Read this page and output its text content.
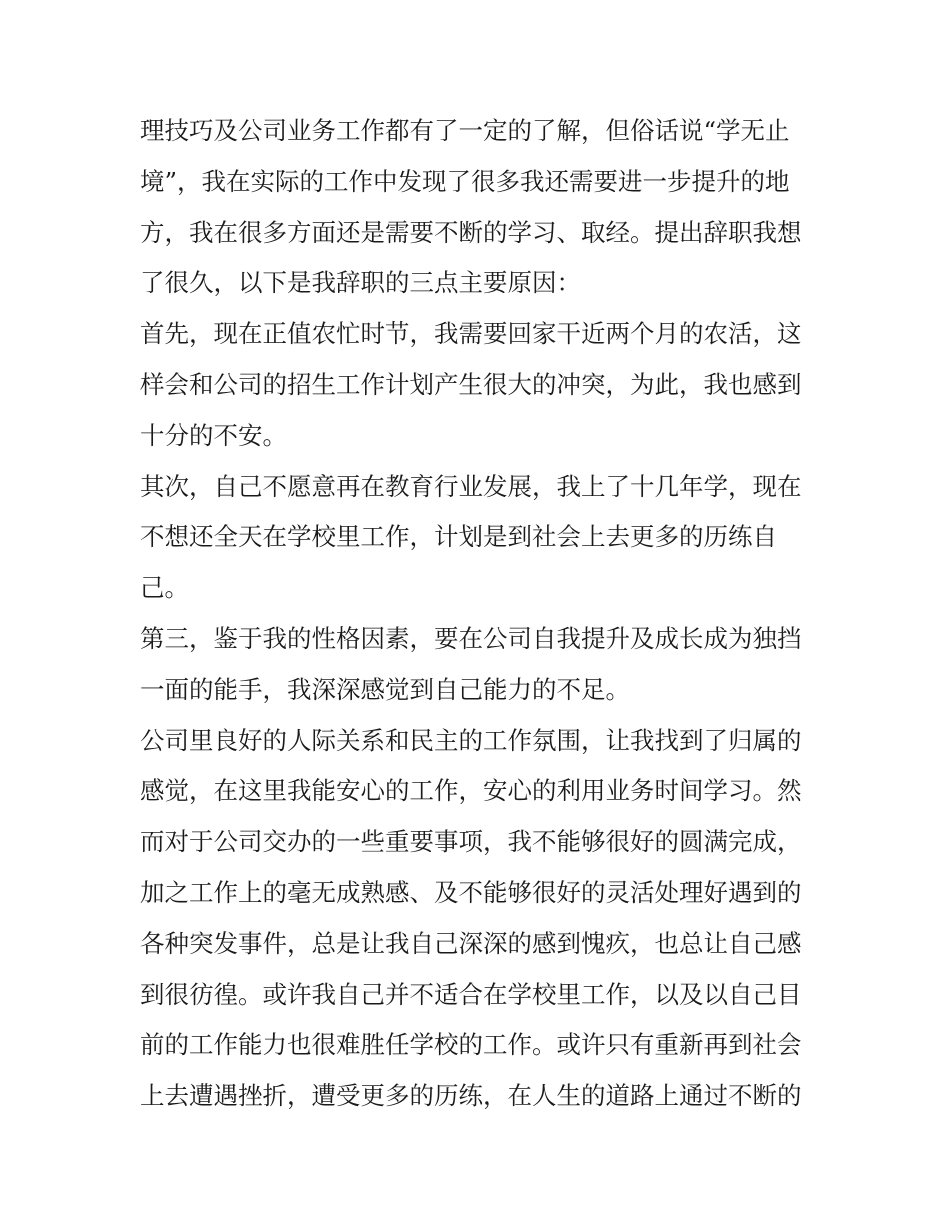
理技巧及公司业务工作都有了一定的了解，但俗话说“学无止
境”，我在实际的工作中发现了很多我还需要进一步提升的地
方，我在很多方面还是需要不断的学习、取经。提出辞职我想
了很久，以下是我辞职的三点主要原因：
首先，现在正值农忙时节，我需要回家干近两个月的农活，这
样会和公司的招生工作计划产生很大的冲突，为此，我也感到
十分的不安。
其次，自己不愿意再在教育行业发展，我上了十几年学，现在
不想还全天在学校里工作，计划是到社会上去更多的历练自
己。
第三，鉴于我的性格因素，要在公司自我提升及成长成为独挡
一面的能手，我深深感觉到自己能力的不足。
公司里良好的人际关系和民主的工作氛围，让我找到了归属的
感觉，在这里我能安心的工作，安心的利用业务时间学习。然
而对于公司交办的一些重要事项，我不能够很好的圆满完成，
加之工作上的毫无成熟感、及不能够很好的灵活处理好遇到的
各种突发事件，总是让我自己深深的感到愧疚，也总让自己感
到很彷徨。或许我自己并不适合在学校里工作，以及以自己目
前的工作能力也很难胜任学校的工作。或许只有重新再到社会
上去遭遇挫折，遭受更多的历练，在人生的道路上通过不断的
